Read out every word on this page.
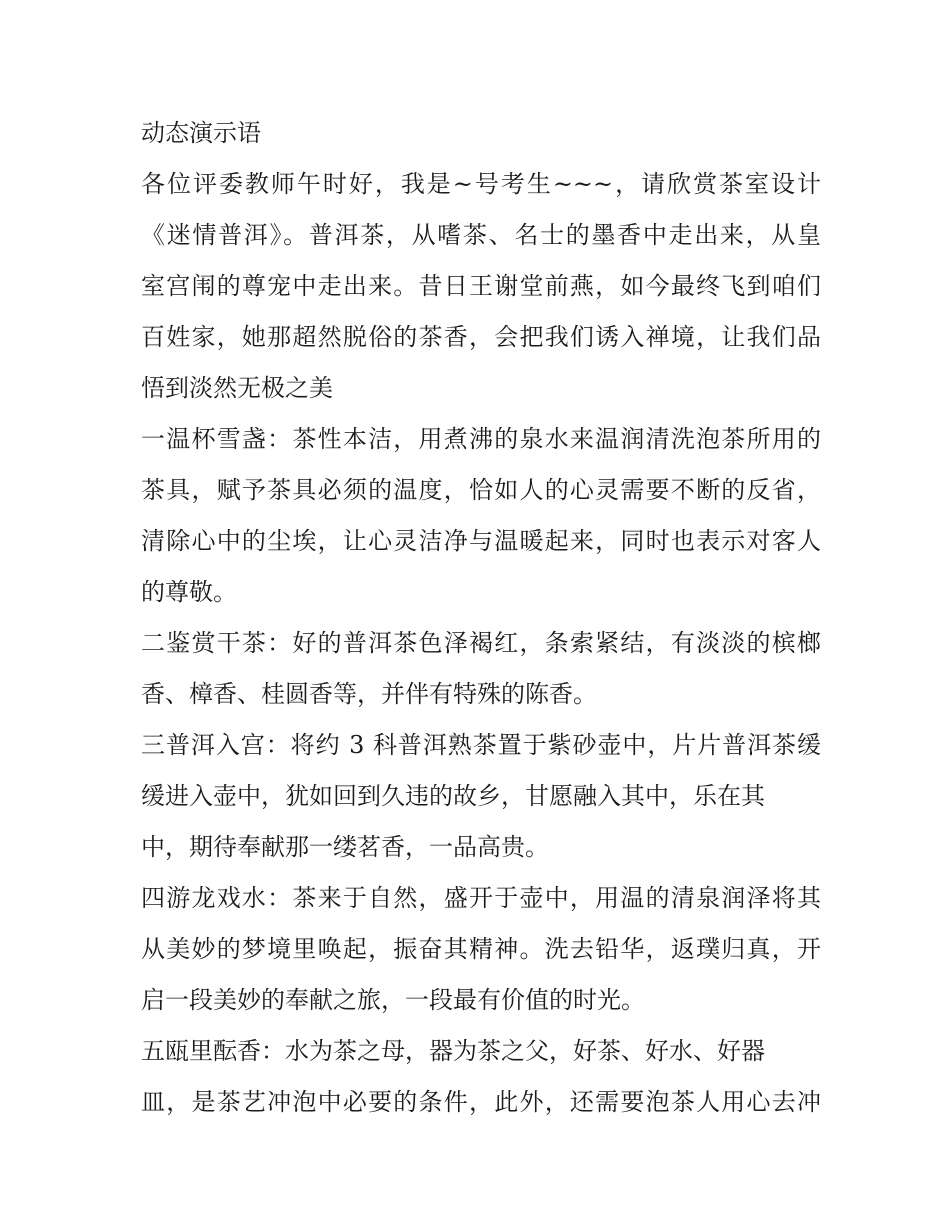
动态演示语
各位评委教师午时好，我是~号考生~~~，请欣赏茶室设计
《迷情普洱》。普洱茶，从嗜茶、名士的墨香中走出来，从皇
室宫闱的尊宠中走出来。昔日王谢堂前燕，如今最终飞到咱们
百姓家，她那超然脱俗的茶香，会把我们诱入禅境，让我们品
悟到淡然无极之美
一温杯雪盏：茶性本洁，用煮沸的泉水来温润清洗泡茶所用的
茶具，赋予茶具必须的温度，恰如人的心灵需要不断的反省，
清除心中的尘埃，让心灵洁净与温暖起来，同时也表示对客人
的尊敬。
二鉴赏干茶：好的普洱茶色泽褐红，条索紧结，有淡淡的槟榔
香、樟香、桂圆香等，并伴有特殊的陈香。
三普洱入宫：将约 3 科普洱熟茶置于紫砂壶中，片片普洱茶缓
缓进入壶中，犹如回到久违的故乡，甘愿融入其中，乐在其
中，期待奉献那一缕茗香，一品高贵。
四游龙戏水：茶来于自然，盛开于壶中，用温的清泉润泽将其
从美妙的梦境里唤起，振奋其精神。洗去铅华，返璞归真，开
启一段美妙的奉献之旅，一段最有价值的时光。
五瓯里酝香：水为茶之母，器为茶之父，好茶、好水、好器
皿，是茶艺冲泡中必要的条件，此外，还需要泡茶人用心去冲
